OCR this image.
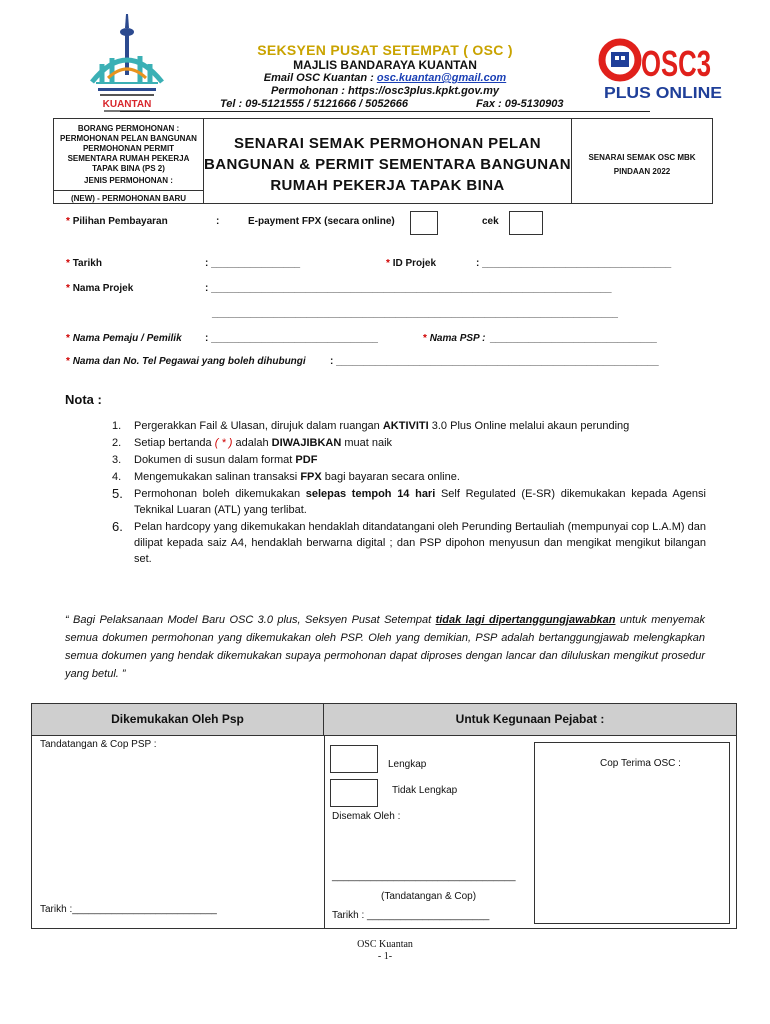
KUANTAN
OSC3
PLUS ONLINE
SEKSYEN PUSAT SETEMPAT ( OSC )
MAJLIS BANDARAYA KUANTAN
Email OSC Kuantan : osc.kuantan@gmail.com
Permohonan : https://osc3plus.kpkt.gov.my
Tel : 09-5121555 / 5121666 / 5052666	Fax : 09-5130903
BORANG PERMOHONAN :
PERMOHONAN PELAN BANGUNAN
PERMOHONAN PERMIT
SEMENTARA RUMAH PEKERJA
TAPAK BINA (PS 2)
JENIS PERMOHONAN :
(NEW) - PERMOHONAN BARU
SENARAI SEMAK PERMOHONAN PELAN
BANGUNAN & PERMIT SEMENTARA BANGUNAN
RUMAH PEKERJA TAPAK BINA
SENARAI SEMAK OSC MBK
PINDAAN 2022
* Pilihan Pembayaran	:	E-payment FPX (secara online)	cek
* Tarikh	: ________________	* ID Projek	: __________________________________
* Nama Projek	: ________________________________________________________________________
_________________________________________________________________________
* Nama Pemaju / Pemilik : ______________________________	* Nama PSP : ______________________________
* Nama dan No. Tel Pegawai yang boleh dihubungi : __________________________________________________________
Nota :
1.	Pergerakkan Fail & Ulasan, dirujuk dalam ruangan AKTIVITI 3.0 Plus Online melalui akaun perunding
2.	Setiap bertanda ( * ) adalah DIWAJIBKAN muat naik
3.	Dokumen di susun dalam format PDF
4.	Mengemukakan salinan transaksi FPX bagi bayaran secara online.
5.	Permohonan boleh dikemukakan selepas tempoh 14 hari Self Regulated (E-SR) dikemukakan kepada Agensi Teknikal Luaran (ATL) yang terlibat.
6.	Pelan hardcopy yang dikemukakan hendaklah ditandatangani oleh Perunding Bertauliah (mempunyai cop L.A.M) dan dilipat kepada saiz A4, hendaklah berwarna digital ; dan PSP dipohon menyusun dan mengikat mengikut bilangan set.
“ Bagi Pelaksanaan Model Baru OSC 3.0 plus, Seksyen Pusat Setempat tidak lagi dipertanggungjawabkan untuk menyemak semua dokumen permohonan yang dikemukakan oleh PSP. Oleh yang demikian, PSP adalah bertanggungjawab melengkapkan semua dokumen yang hendak dikemukakan supaya permohonan dapat diproses dengan lancar dan diluluskan mengikut prosedur yang betul. ”
Dikemukakan Oleh Psp	Untuk Kegunaan Pejabat :
Tandatangan & Cop PSP :
Tarikh :__________________________
Lengkap
Tidak Lengkap
Disemak Oleh :
_________________________________
(Tandatangan & Cop)
Tarikh : ______________________
Cop Terima OSC :
OSC Kuantan
- 1-
